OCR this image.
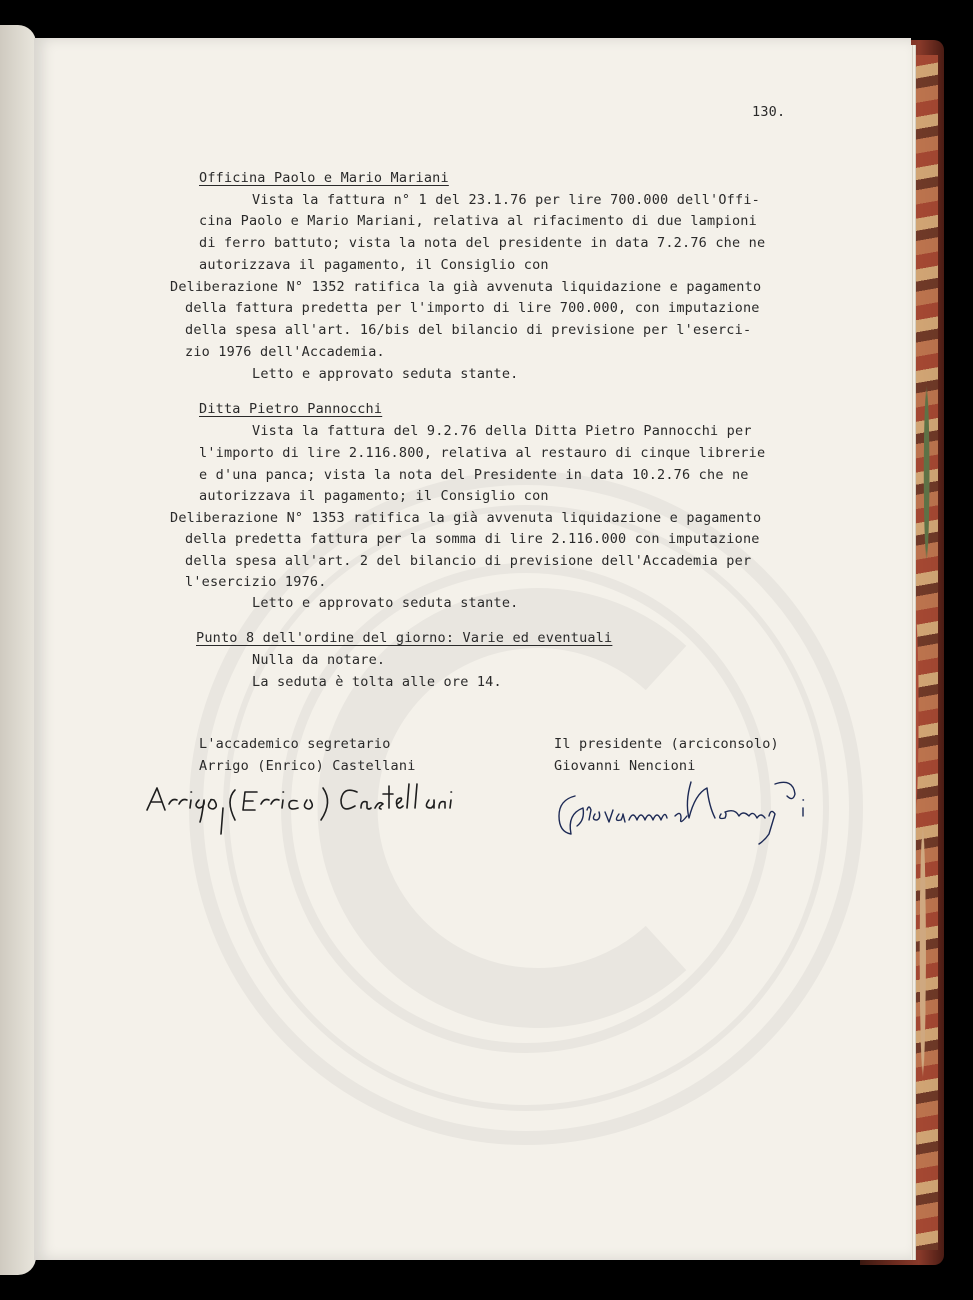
130.

Officina Paolo e Mario Mariani

Vista la fattura n° 1 del 23.1.76 per lire 700.000 dell'Offi-

cina Paolo e Mario Mariani, relativa al rifacimento di due lampioni

di ferro battuto; vista la nota del presidente in data 7.2.76 che ne

autorizzava il pagamento, il Consiglio con

Deliberazione N° 1352 ratifica la già avvenuta liquidazione e pagamento

della fattura predetta per l'importo di lire 700.000, con imputazione

della spesa all'art. 16/bis del bilancio di previsione per l'eserci-

zio 1976 dell'Accademia.

Letto e approvato seduta stante.

Ditta Pietro Pannocchi

Vista la fattura del 9.2.76 della Ditta Pietro Pannocchi per

l'importo di lire 2.116.800, relativa al restauro di cinque librerie

e d'una panca; vista la nota del Presidente in data 10.2.76 che ne

autorizzava il pagamento; il Consiglio con

Deliberazione N° 1353 ratifica la già avvenuta liquidazione e pagamento

della predetta fattura per la somma di lire 2.116.000 con imputazione

della spesa all'art. 2 del bilancio di previsione dell'Accademia per

l'esercizio 1976.

Letto e approvato seduta stante.

Punto 8 dell'ordine del giorno: Varie ed eventuali

Nulla da notare.

La seduta è tolta alle ore 14.

L'accademico segretario

Arrigo (Enrico) Castellani

Il presidente (arciconsolo)

Giovanni Nencioni
